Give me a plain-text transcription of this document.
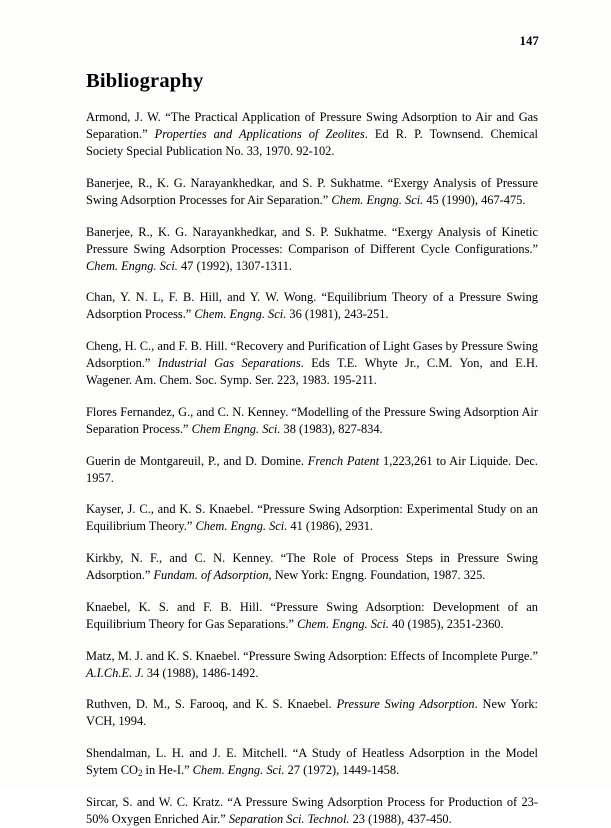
147
Bibliography

Armond, J. W. “The Practical Application of Pressure Swing Adsorption to Air and Gas Separation.” Properties and Applications of Zeolites. Ed R. P. Townsend. Chemical Society Special Publication No. 33, 1970. 92-102.

Banerjee, R., K. G. Narayankhedkar, and S. P. Sukhatme. “Exergy Analysis of Pressure Swing Adsorption Processes for Air Separation.” Chem. Engng. Sci. 45 (1990), 467-475.

Banerjee, R., K. G. Narayankhedkar, and S. P. Sukhatme. “Exergy Analysis of Kinetic Pressure Swing Adsorption Processes: Comparison of Different Cycle Configurations.” Chem. Engng. Sci. 47 (1992), 1307-1311.

Chan, Y. N. L, F. B. Hill, and Y. W. Wong. “Equilibrium Theory of a Pressure Swing Adsorption Process.” Chem. Engng. Sci. 36 (1981), 243-251.

Cheng, H. C., and F. B. Hill. “Recovery and Purification of Light Gases by Pressure Swing Adsorption.” Industrial Gas Separations. Eds T.E. Whyte Jr., C.M. Yon, and E.H. Wagener. Am. Chem. Soc. Symp. Ser. 223, 1983. 195-211.

Flores Fernandez, G., and C. N. Kenney. “Modelling of the Pressure Swing Adsorption Air Separation Process.” Chem Engng. Sci. 38 (1983), 827-834.

Guerin de Montgareuil, P., and D. Domine. French Patent 1,223,261 to Air Liquide. Dec. 1957.

Kayser, J. C., and K. S. Knaebel. “Pressure Swing Adsorption: Experimental Study on an Equilibrium Theory.” Chem. Engng. Sci. 41 (1986), 2931.

Kirkby, N. F., and C. N. Kenney. “The Role of Process Steps in Pressure Swing Adsorption.” Fundam. of Adsorption, New York: Engng. Foundation, 1987. 325.

Knaebel, K. S. and F. B. Hill. “Pressure Swing Adsorption: Development of an Equilibrium Theory for Gas Separations.” Chem. Engng. Sci. 40 (1985), 2351-2360.

Matz, M. J. and K. S. Knaebel. “Pressure Swing Adsorption: Effects of Incomplete Purge.” A.I.Ch.E. J. 34 (1988), 1486-1492.

Ruthven, D. M., S. Farooq, and K. S. Knaebel. Pressure Swing Adsorption. New York: VCH, 1994.

Shendalman, L. H. and J. E. Mitchell. “A Study of Heatless Adsorption in the Model Sytem $CO_2$ in He-I.” Chem. Engng. Sci. 27 (1972), 1449-1458.

Sircar, S. and W. C. Kratz. “A Pressure Swing Adsorption Process for Production of 23-50% Oxygen Enriched Air.” Separation Sci. Technol. 23 (1988), 437-450.
